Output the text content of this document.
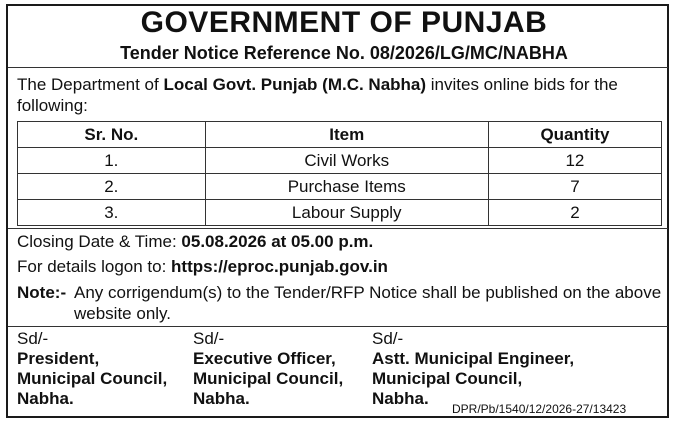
GOVERNMENT OF PUNJAB
Tender Notice Reference No. 08/2026/LG/MC/NABHA
The Department of Local Govt. Punjab (M.C. Nabha) invites online bids for the following:
Sr. No.	Item	Quantity
1.	Civil Works	12
2.	Purchase Items	7
3.	Labour Supply	2
Closing Date & Time: 05.08.2026 at 05.00 p.m.
For details logon to: https://eproc.punjab.gov.in
Note:- Any corrigendum(s) to the Tender/RFP Notice shall be published on the above website only.
Sd/-
President,
Municipal Council,
Nabha.
Sd/-
Executive Officer,
Municipal Council,
Nabha.
Sd/-
Astt. Municipal Engineer,
Municipal Council,
Nabha.
DPR/Pb/1540/12/2026-27/13423
